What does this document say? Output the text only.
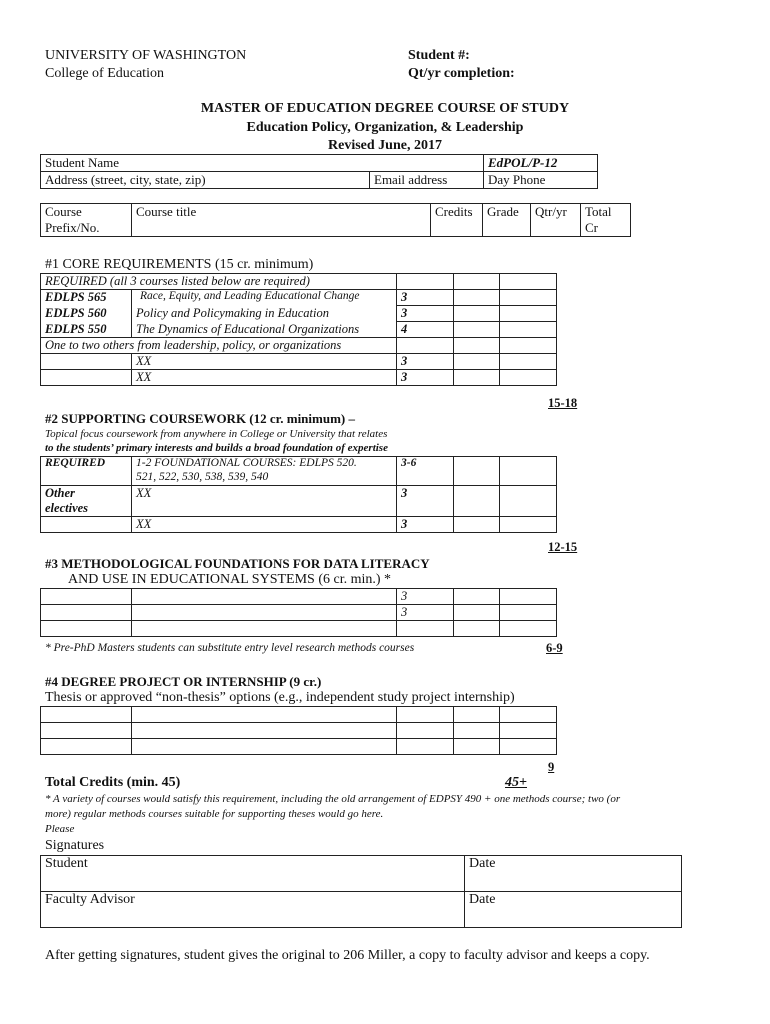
UNIVERSITY OF WASHINGTON
College of Education
Student #:
Qt/yr completion:
MASTER OF EDUCATION DEGREE COURSE OF STUDY
Education Policy, Organization, & Leadership
Revised June, 2017
Student Name		EdPOL/P-12
Address (street, city, state, zip)	Email address	Day Phone
Course
Prefix/No.	Course title	Credits	Grade	Qtr/yr	Total
Cr
#1 CORE REQUIREMENTS (15 cr. minimum)
REQUIRED (all 3 courses listed below are required)				
EDLPS 565	Race, Equity, and Leading Educational Change	3		
EDLPS 560	Policy and Policymaking in Education	3		
EDLPS 550	The Dynamics of Educational Organizations	4		
One to two others from leadership, policy, or organizations				
	XX	3		
	XX	3		
15-18
#2 SUPPORTING COURSEWORK (12 cr. minimum) –
Topical focus coursework from anywhere in College or University that relates
to the students’ primary interests and builds a broad foundation of expertise
REQUIRED	1-2 FOUNDATIONAL COURSES: EDLPS 520.
521, 522, 530, 538, 539, 540	3-6		
Other
electives	XX	3		
	XX	3		
12-15
#3 METHODOLOGICAL FOUNDATIONS FOR DATA LITERACY
AND USE IN EDUCATIONAL SYSTEMS (6 cr. min.) *
		3		
		3		

* Pre-PhD Masters students can substitute entry level research methods courses	6-9
#4 DEGREE PROJECT OR INTERNSHIP (9 cr.)
Thesis or approved “non-thesis” options (e.g., independent study project internship)

9
Total Credits (min. 45)	45+
* A variety of courses would satisfy this requirement, including the old arrangement of EDPSY 490 + one methods course; two (or
more) regular methods courses suitable for supporting theses would go here.
Please
Signatures
Student	Date
Faculty Advisor	Date
After getting signatures, student gives the original to 206 Miller, a copy to faculty advisor and keeps a copy.
